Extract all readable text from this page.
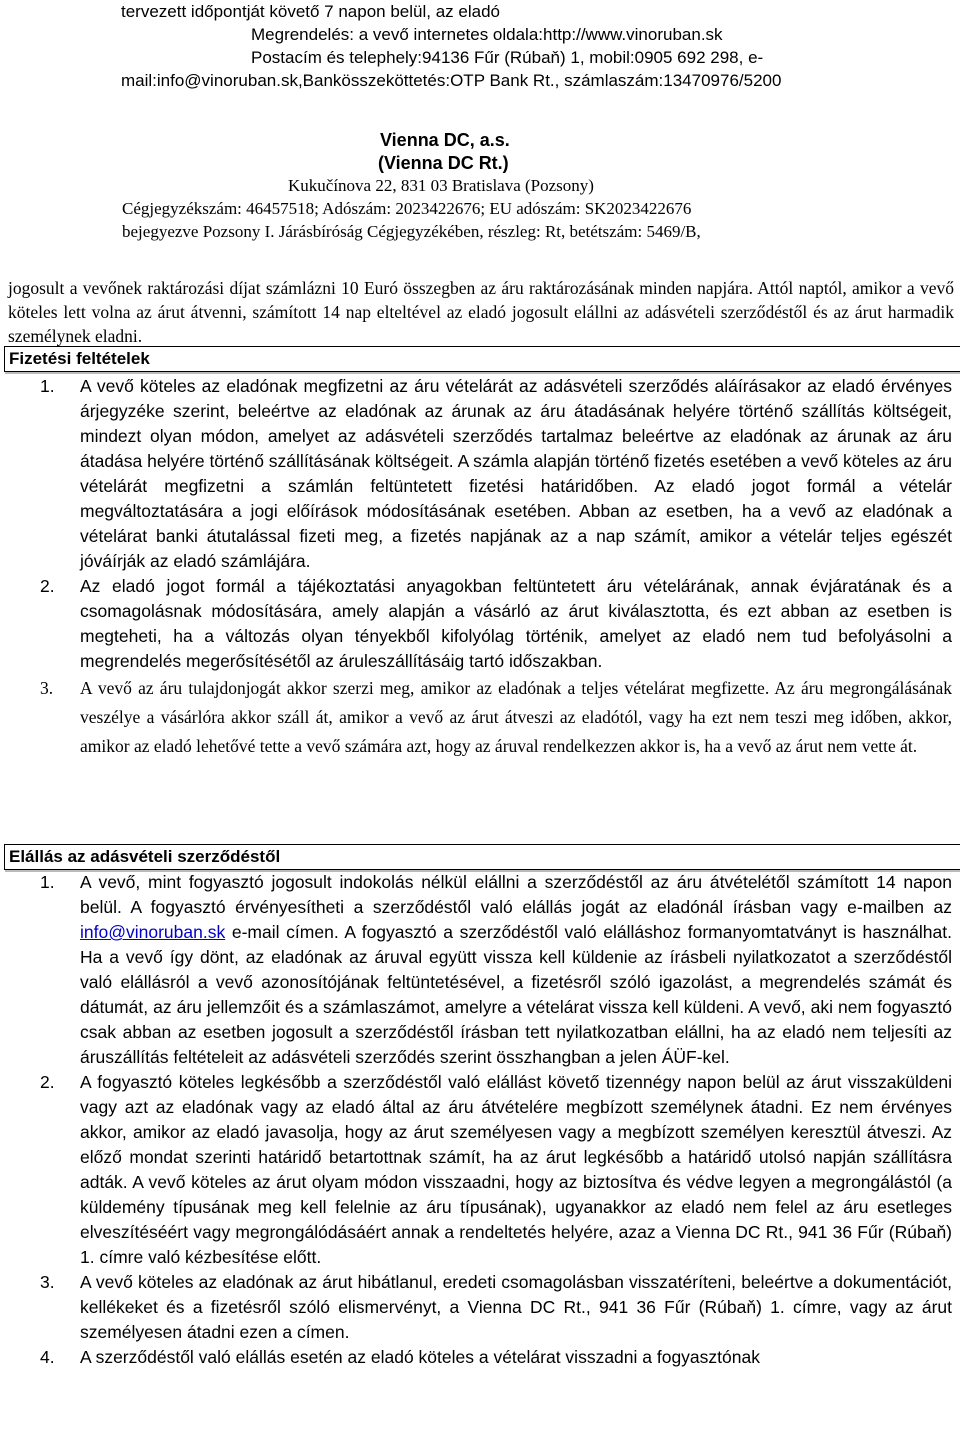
tervezett időpontját követő 7 napon belül, az eladó
Megrendelés: a vevő internetes oldala:http://www.vinoruban.sk
Postacím és telephely:94136 Fűr (Rúbaň) 1, mobil:0905 692 298, e-
mail:info@vinoruban.sk,Bankösszeköttetés:OTP Bank Rt., számlaszám:13470976/5200
Vienna DC, a.s.
(Vienna DC Rt.)
Kukučínova 22, 831 03 Bratislava (Pozsony)
Cégjegyzékszám: 46457518; Adószám: 2023422676; EU adószám: SK2023422676
bejegyezve Pozsony I. Járásbíróság Cégjegyzékében, részleg: Rt, betétszám: 5469/B,
jogosult a vevőnek raktározási díjat számlázni 10 Euró összegben az áru raktározásának minden napjára. Attól naptól, amikor a vevő köteles lett volna az árut átvenni, számított 14 nap elteltével az eladó jogosult elállni az adásvételi szerződéstől és az árut harmadik személynek eladni.
Fizetési feltételek
1. A vevő köteles az eladónak megfizetni az áru vételárát az adásvételi szerződés aláírásakor az eladó érvényes árjegyzéke szerint, beleértve az eladónak az árunak az áru átadásának helyére történő szállítás költségeit, mindezt olyan módon, amelyet az adásvételi szerződés tartalmaz beleértve az eladónak az árunak az áru átadása helyére történő szállításának költségeit. A számla alapján történő fizetés esetében a vevő köteles az áru vételárát megfizetni a számlán feltüntetett fizetési határidőben. Az eladó jogot formál a vételár megváltoztatására a jogi előírások módosításának esetében. Abban az esetben, ha a vevő az eladónak a vételárat banki átutalással fizeti meg, a fizetés napjának az a nap számít, amikor a vételár teljes egészét jóváírják az eladó számlájára.
2. Az eladó jogot formál a tájékoztatási anyagokban feltüntetett áru vételárának, annak évjáratának és a csomagolásnak módosítására, amely alapján a vásárló az árut kiválasztotta, és ezt abban az esetben is megteheti, ha a változás olyan tényekből kifolyólag történik, amelyet az eladó nem tud befolyásolni a megrendelés megerősítésétől az áruleszállításáig tartó időszakban.
3. A vevő az áru tulajdonjogát akkor szerzi meg, amikor az eladónak a teljes vételárat megfizette. Az áru megrongálásának veszélye a vásárlóra akkor száll át, amikor a vevő az árut átveszi az eladótól, vagy ha ezt nem teszi meg időben, akkor, amikor az eladó lehetővé tette a vevő számára azt, hogy az áruval rendelkezzen akkor is, ha a vevő az árut nem vette át.
Elállás az adásvételi szerződéstől
1. A vevő, mint fogyasztó jogosult indokolás nélkül elállni a szerződéstől az áru átvételétől számított 14 napon belül. A fogyasztó érvényesítheti a szerződéstől való elállás jogát az eladónál írásban vagy e-mailben az info@vinoruban.sk e-mail címen. A fogyasztó a szerződéstől való elálláshoz formanyomtatványt is használhat. Ha a vevő így dönt, az eladónak az áruval együtt vissza kell küldenie az írásbeli nyilatkozatot a szerződéstől való elállásról a vevő azonosítójának feltüntetésével, a fizetésről szóló igazolást, a megrendelés számát és dátumát, az áru jellemzőit és a számlaszámot, amelyre a vételárat vissza kell küldeni. A vevő, aki nem fogyasztó csak abban az esetben jogosult a szerződéstől írásban tett nyilatkozatban elállni, ha az eladó nem teljesíti az áruszállítás feltételeit az adásvételi szerződés szerint összhangban a jelen ÁÜF-kel.
2. A fogyasztó köteles legkésőbb a szerződéstől való elállást követő tizennégy napon belül az árut visszaküldeni vagy azt az eladónak vagy az eladó által az áru átvételére megbízott személynek átadni. Ez nem érvényes akkor, amikor az eladó javasolja, hogy az árut személyesen vagy a megbízott személyen keresztül átveszi. Az előző mondat szerinti határidő betartottnak számít, ha az árut legkésőbb a határidő utolsó napján szállításra adták. A vevő köteles az árut olyam módon visszaadni, hogy az biztosítva és védve legyen a megrongálástól (a küldemény típusának meg kell felelnie az áru típusának), ugyanakkor az eladó nem felel az áru esetleges elveszítéséért vagy megrongálódásáért annak a rendeltetés helyére, azaz a Vienna DC Rt., 941 36 Fűr (Rúbaň) 1. címre való kézbesítése előtt.
3. A vevő köteles az eladónak az árut hibátlanul, eredeti csomagolásban visszatéríteni, beleértve a dokumentációt, kellékeket és a fizetésről szóló elismervényt, a Vienna DC Rt., 941 36 Fűr (Rúbaň) 1. címre, vagy az árut személyesen átadni ezen a címen.
4. A szerződéstől való elállás esetén az eladó köteles a vételárat visszadni a fogyasztónak
